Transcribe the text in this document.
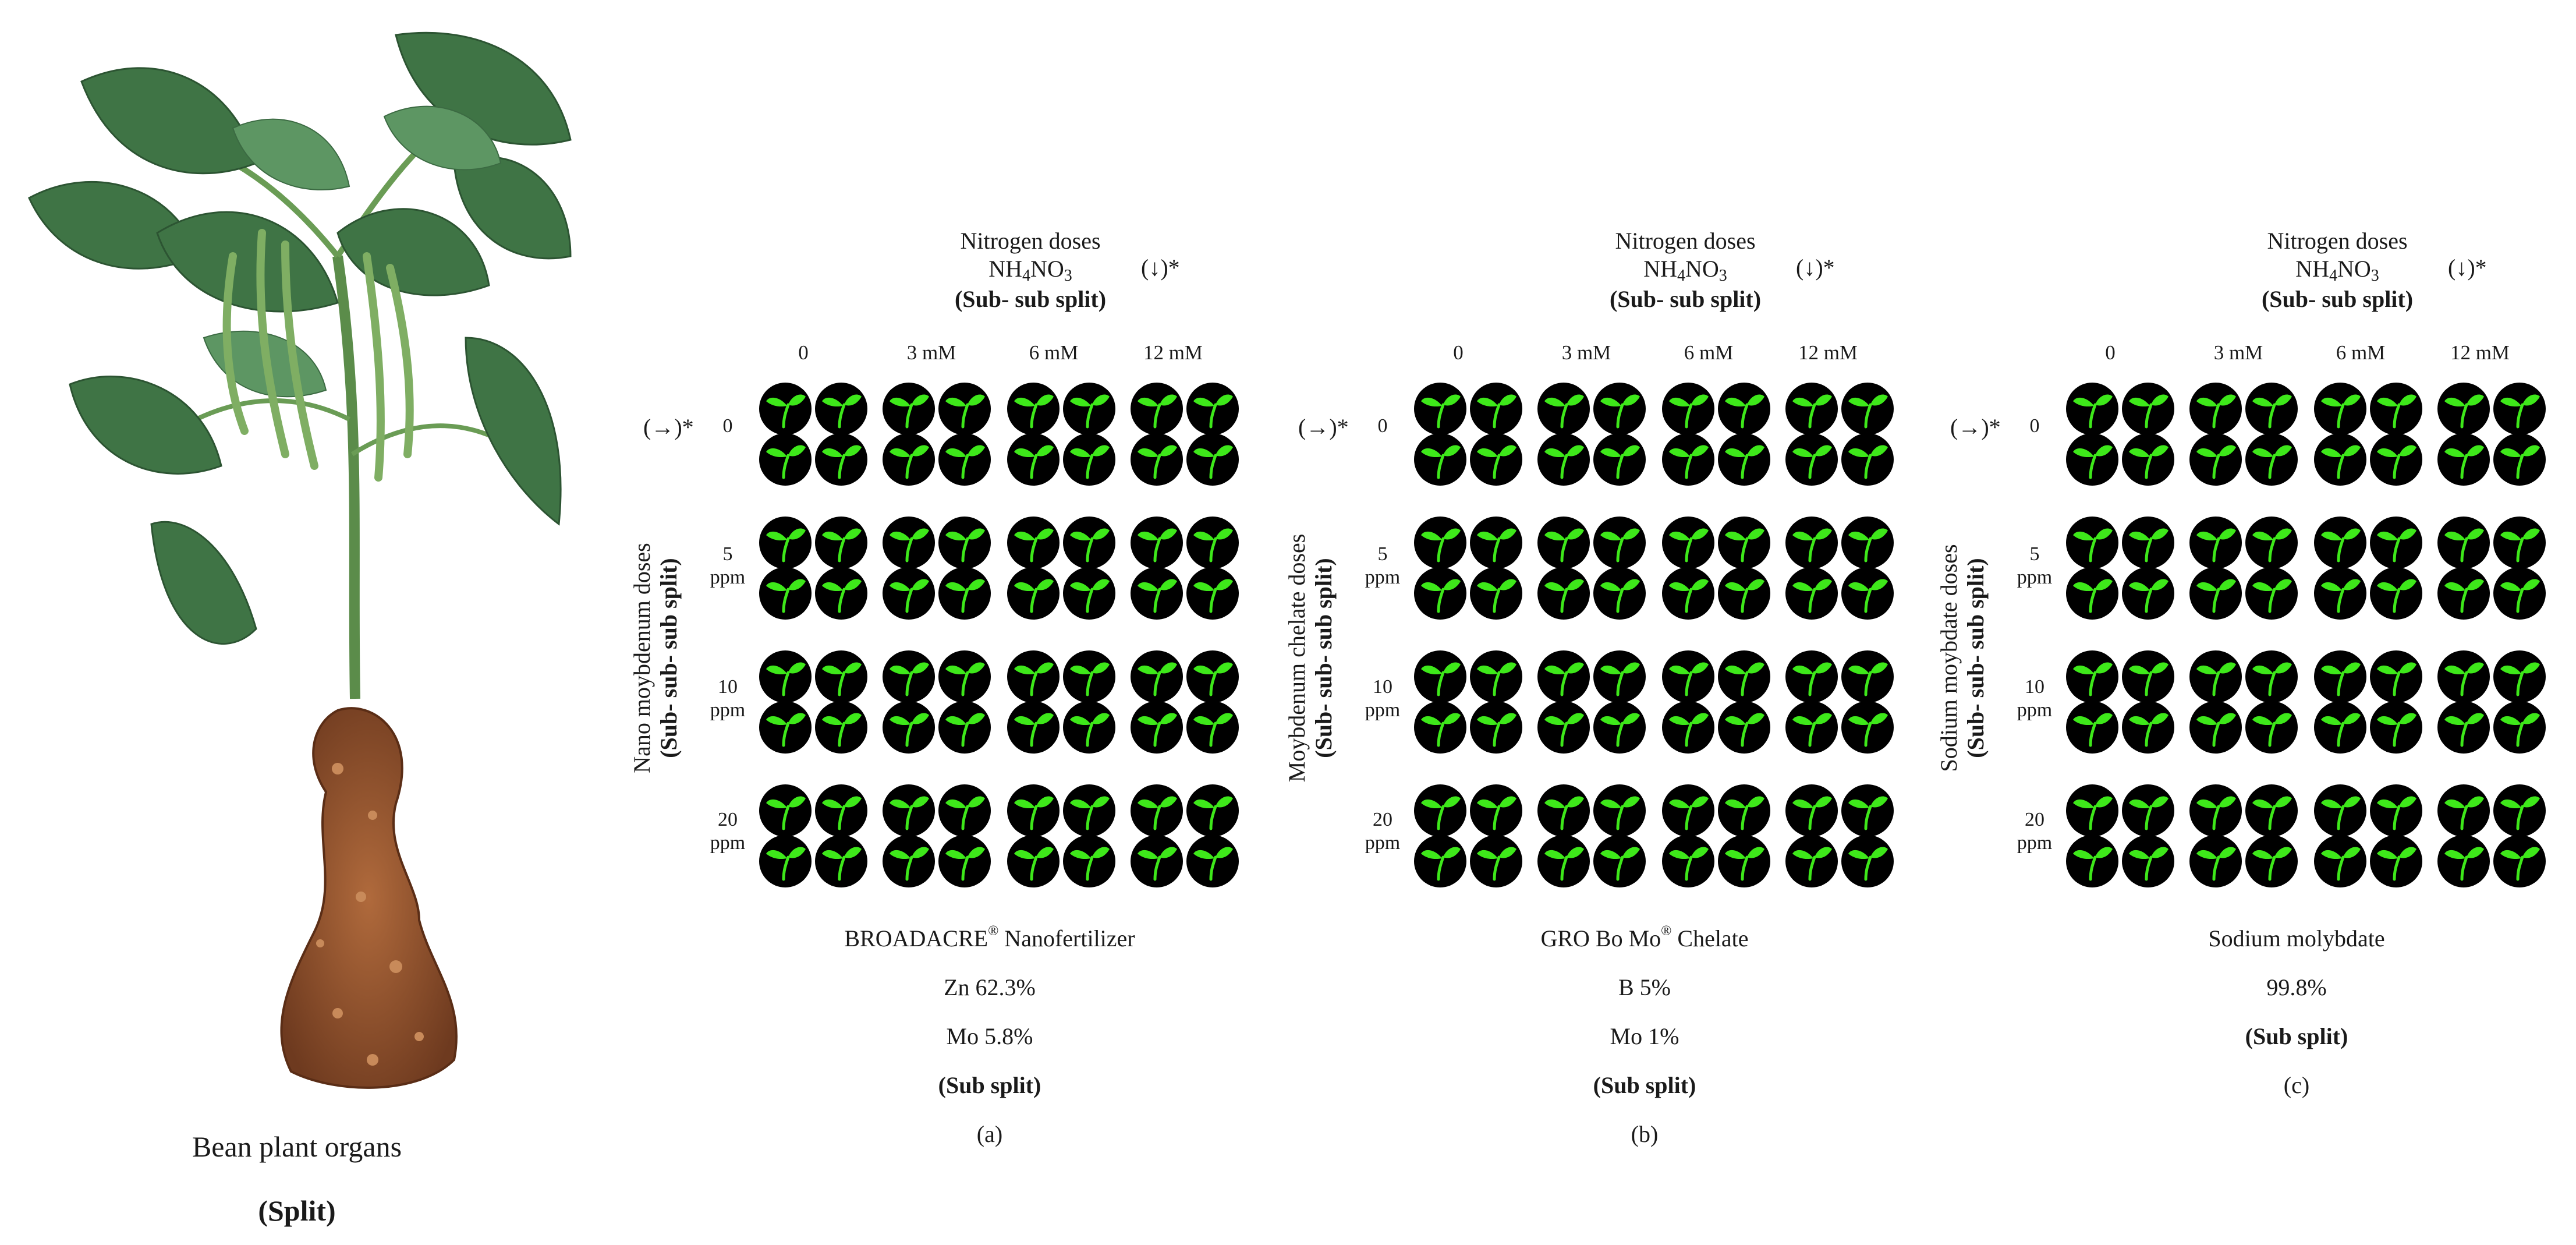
Bean plant organs
(Split)
Nitrogen doses
$NH_4NO_3$
(Sub- sub split)
(↓)*
0	3 mM	6 mM	12 mM
(→)*
Nano moybdenum doses (Sub- sub- sub split)
0
5
ppm
10
ppm
20
ppm
BROADACRE® Nanofertilizer
Zn 62.3%
Mo 5.8%
(Sub split)
(a)
Nitrogen doses
$NH_4NO_3$
(Sub- sub split)
(↓)*
0	3 mM	6 mM	12 mM
(→)*
Moybdenum chelate doses (Sub- sub- sub split)
0
5
ppm
10
ppm
20
ppm
GRO Bo Mo® Chelate
B 5%
Mo 1%
(Sub split)
(b)
Nitrogen doses
$NH_4NO_3$
(Sub- sub split)
(↓)*
0	3 mM	6 mM	12 mM
(→)*
Sodium moybdate doses (Sub- sub- sub split)
0
5
ppm
10
ppm
20
ppm
Sodium molybdate
99.8%
(Sub split)
(c)
